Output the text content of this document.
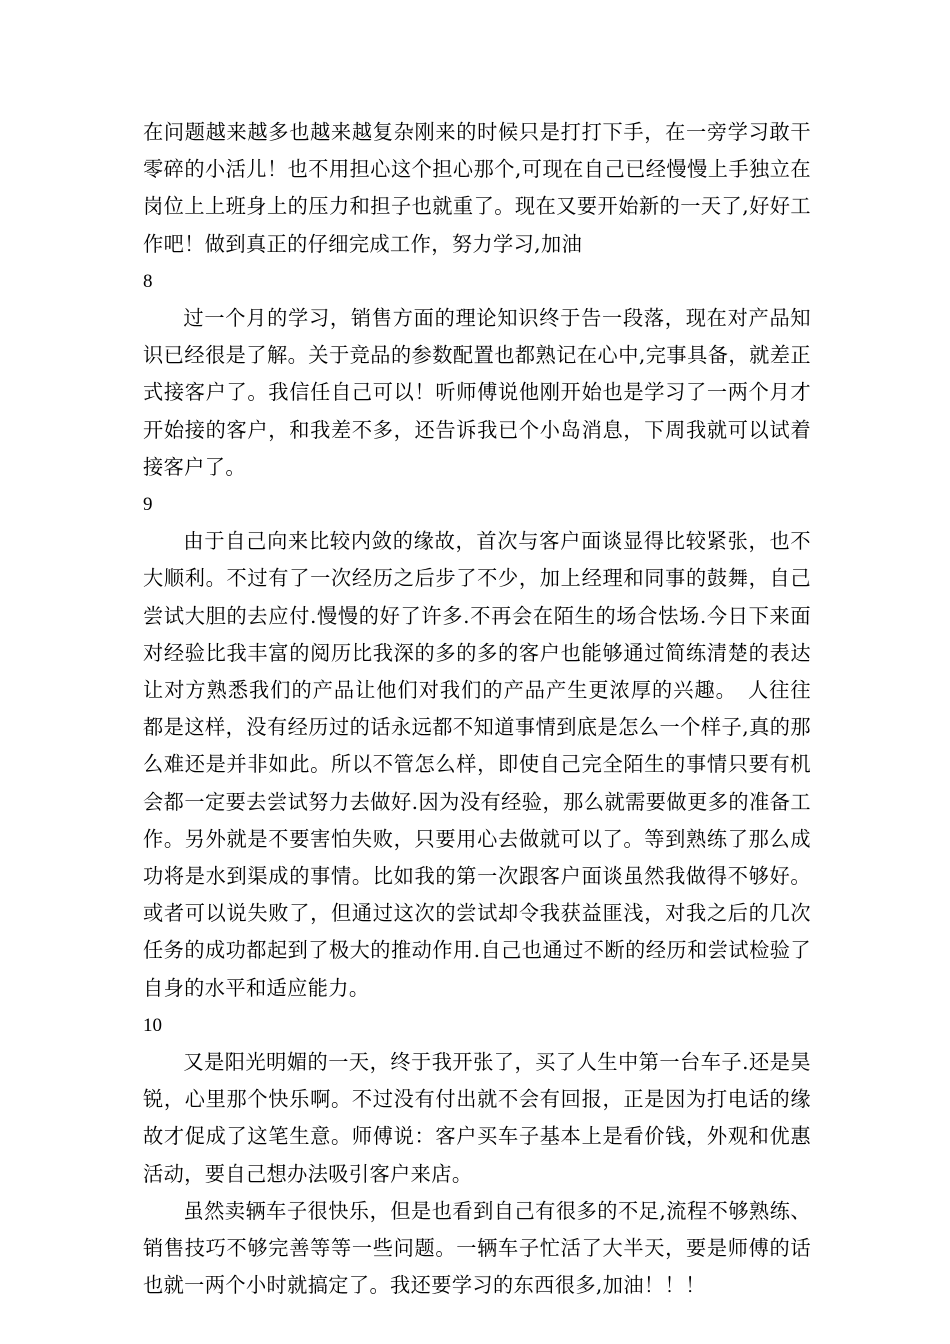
在问题越来越多也越来越复杂刚来的时候只是打打下手，在一旁学习敢干零碎的小活儿！也不用担心这个担心那个,可现在自己已经慢慢上手独立在岗位上上班身上的压力和担子也就重了。现在又要开始新的一天了,好好工作吧！做到真正的仔细完成工作，努力学习,加油

8

过一个月的学习，销售方面的理论知识终于告一段落，现在对产品知识已经很是了解。关于竞品的参数配置也都熟记在心中,完事具备，就差正式接客户了。我信任自己可以！听师傅说他刚开始也是学习了一两个月才开始接的客户，和我差不多，还告诉我已个小岛消息，下周我就可以试着接客户了。

9

由于自己向来比较内敛的缘故，首次与客户面谈显得比较紧张，也不大顺利。不过有了一次经历之后步了不少，加上经理和同事的鼓舞，自己尝试大胆的去应付.慢慢的好了许多.不再会在陌生的场合怯场.今日下来面对经验比我丰富的阅历比我深的多的多的客户也能够通过简练清楚的表达让对方熟悉我们的产品让他们对我们的产品产生更浓厚的兴趣。　人往往都是这样，没有经历过的话永远都不知道事情到底是怎么一个样子,真的那么难还是并非如此。所以不管怎么样，即使自己完全陌生的事情只要有机会都一定要去尝试努力去做好.因为没有经验，那么就需要做更多的准备工作。另外就是不要害怕失败，只要用心去做就可以了。等到熟练了那么成功将是水到渠成的事情。比如我的第一次跟客户面谈虽然我做得不够好。或者可以说失败了，但通过这次的尝试却令我获益匪浅，对我之后的几次任务的成功都起到了极大的推动作用.自己也通过不断的经历和尝试检验了自身的水平和适应能力。

10

又是阳光明媚的一天，终于我开张了，买了人生中第一台车子.还是昊锐，心里那个快乐啊。不过没有付出就不会有回报，正是因为打电话的缘故才促成了这笔生意。师傅说：客户买车子基本上是看价钱，外观和优惠活动，要自己想办法吸引客户来店。

虽然卖辆车子很快乐，但是也看到自己有很多的不足,流程不够熟练、销售技巧不够完善等等一些问题。一辆车子忙活了大半天，要是师傅的话也就一两个小时就搞定了。我还要学习的东西很多,加油！！！
